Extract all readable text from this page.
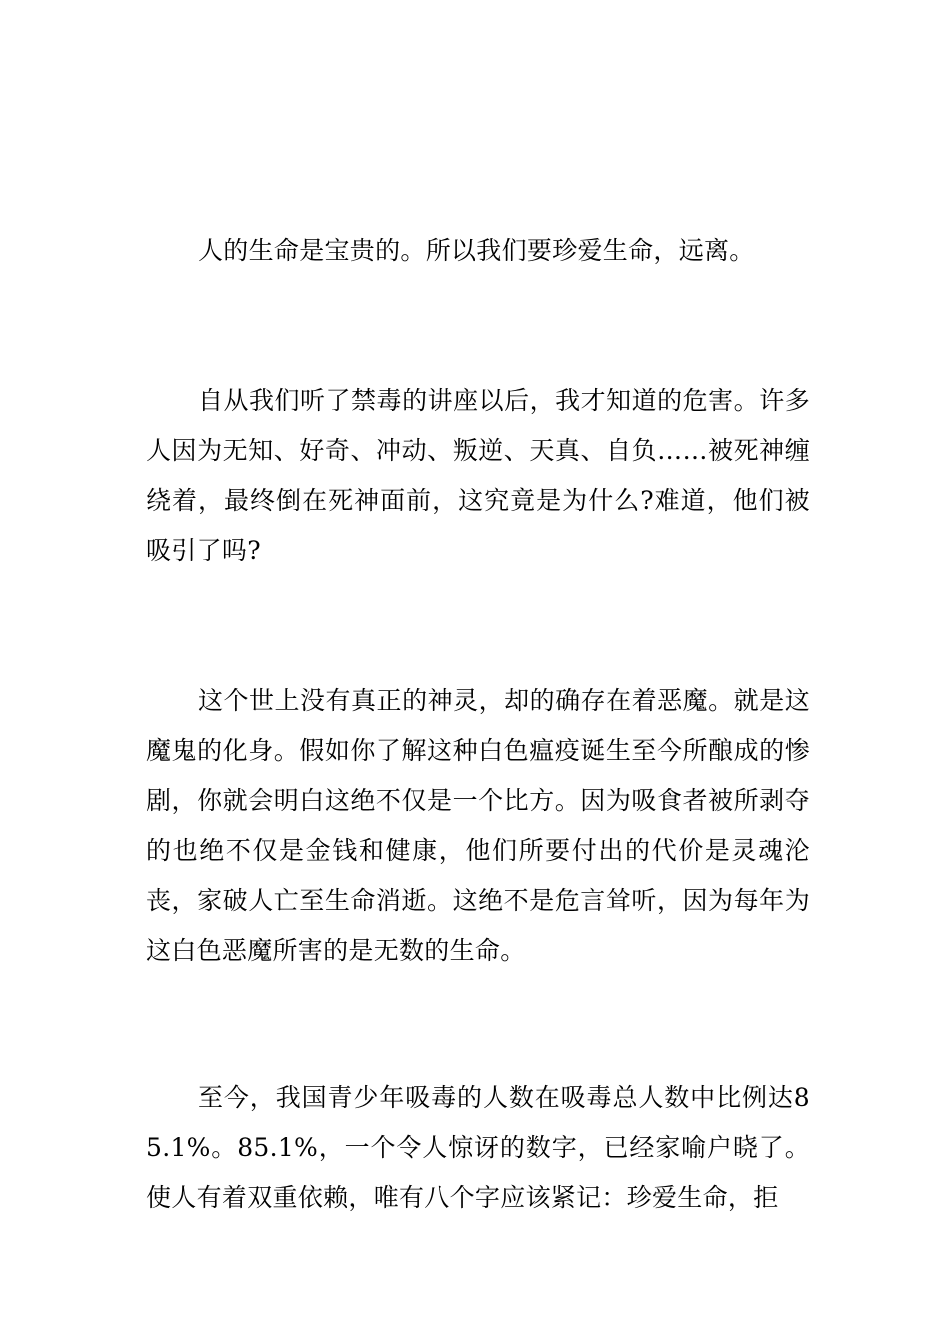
人的生命是宝贵的。所以我们要珍爱生命，远离。

自从我们听了禁毒的讲座以后，我才知道的危害。许多人因为无知、好奇、冲动、叛逆、天真、自负……被死神缠绕着，最终倒在死神面前，这究竟是为什么?难道，他们被吸引了吗?

这个世上没有真正的神灵，却的确存在着恶魔。就是这魔鬼的化身。假如你了解这种白色瘟疫诞生至今所酿成的惨剧，你就会明白这绝不仅是一个比方。因为吸食者被所剥夺的也绝不仅是金钱和健康，他们所要付出的代价是灵魂沦丧，家破人亡至生命消逝。这绝不是危言耸听，因为每年为这白色恶魔所害的是无数的生命。

至今，我国青少年吸毒的人数在吸毒总人数中比例达85.1%。85.1%，一个令人惊讶的数字，已经家喻户晓了。使人有着双重依赖，唯有八个字应该紧记：珍爱生命，拒
